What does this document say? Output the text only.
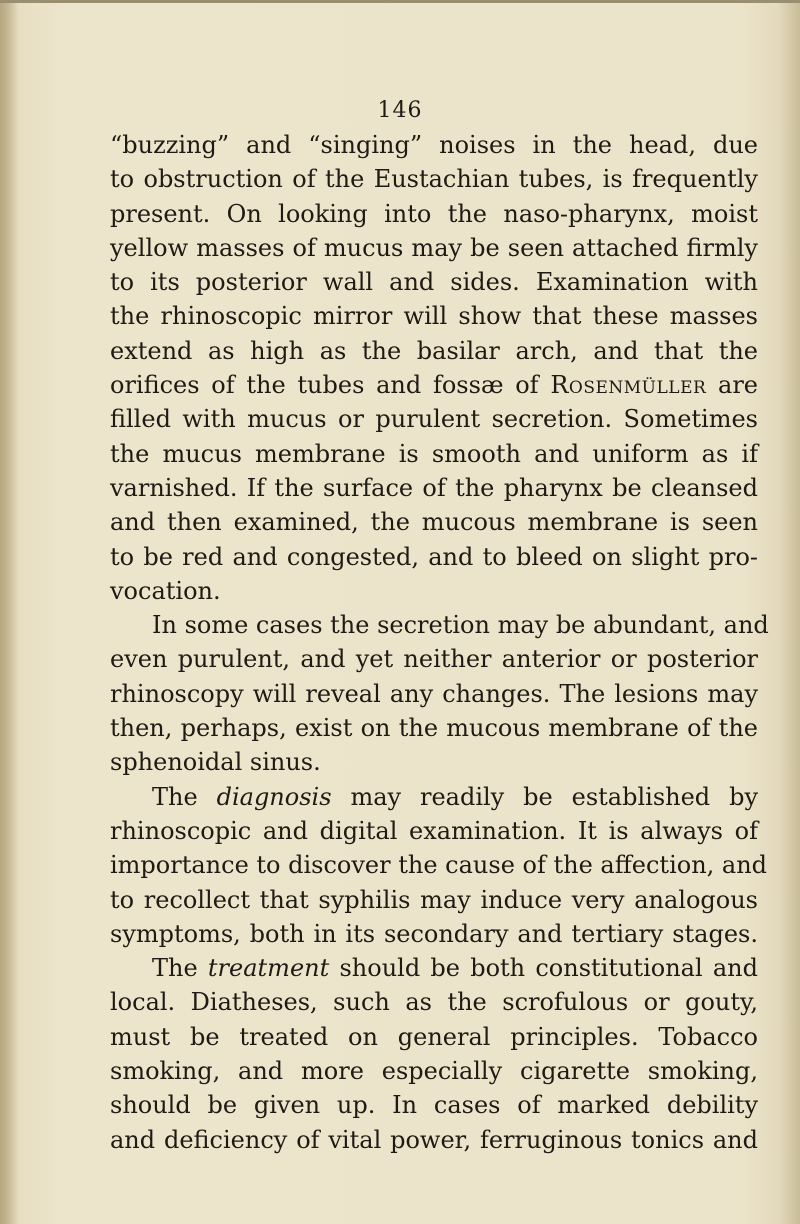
146
“buzzing” and “singing” noises in the head, due
to obstruction of the Eustachian tubes, is frequently
present. On looking into the naso-pharynx, moist
yellow masses of mucus may be seen attached firmly
to its posterior wall and sides. Examination with
the rhinoscopic mirror will show that these masses
extend as high as the basilar arch, and that the
orifices of the tubes and fossæ of Rosenmüller are
filled with mucus or purulent secretion. Sometimes
the mucus membrane is smooth and uniform as if
varnished. If the surface of the pharynx be cleansed
and then examined, the mucous membrane is seen
to be red and congested, and to bleed on slight pro-
vocation.
In some cases the secretion may be abundant, and
even purulent, and yet neither anterior or posterior
rhinoscopy will reveal any changes. The lesions may
then, perhaps, exist on the mucous membrane of the
sphenoidal sinus.
The diagnosis may readily be established by
rhinoscopic and digital examination. It is always of
importance to discover the cause of the affection, and
to recollect that syphilis may induce very analogous
symptoms, both in its secondary and tertiary stages.
The treatment should be both constitutional and
local. Diatheses, such as the scrofulous or gouty,
must be treated on general principles. Tobacco
smoking, and more especially cigarette smoking,
should be given up. In cases of marked debility
and deficiency of vital power, ferruginous tonics and
